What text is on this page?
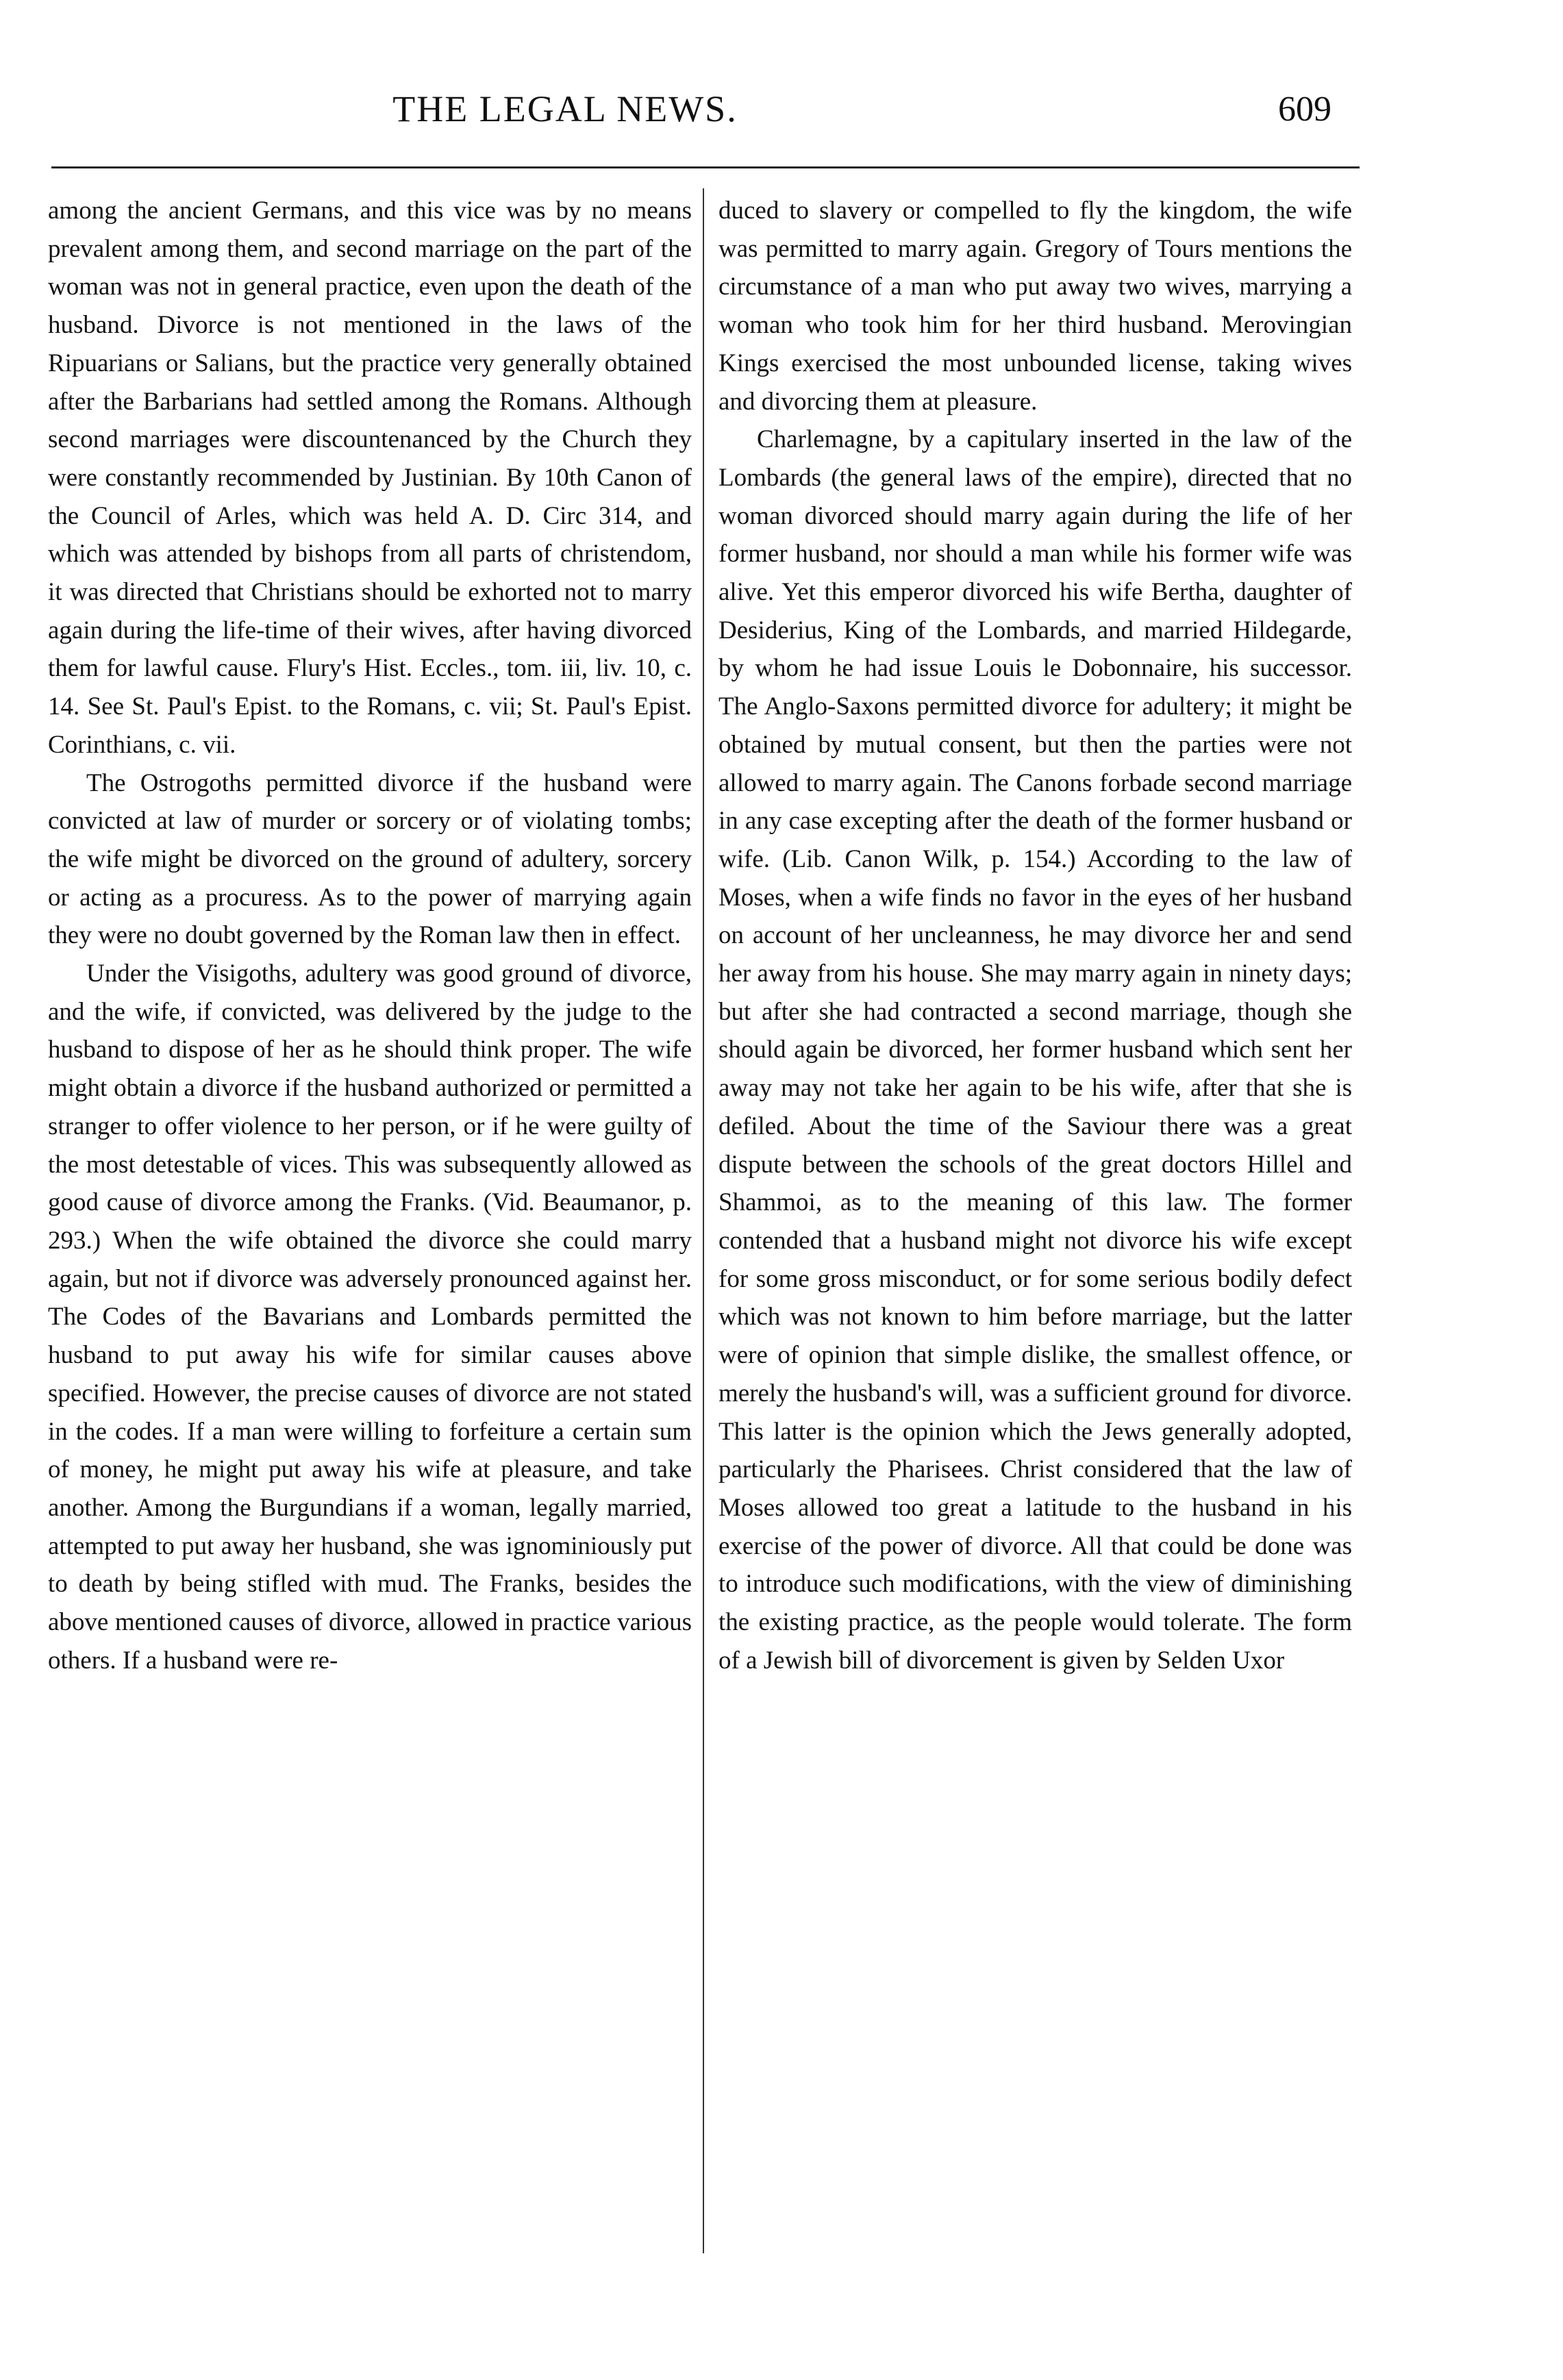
THE LEGAL NEWS.	609

among the ancient Germans, and this vice was by no means prevalent among them, and second marriage on the part of the woman was not in general practice, even upon the death of the husband. Divorce is not mentioned in the laws of the Ripuarians or Salians, but the practice very generally obtained after the Barbarians had settled among the Romans. Although second marriages were discountenanced by the Church they were constantly recommended by Justinian. By 10th Canon of the Council of Arles, which was held A. D. Circ 314, and which was attended by bishops from all parts of christendom, it was directed that Christians should be exhorted not to marry again during the life-time of their wives, after having divorced them for lawful cause. Flury's Hist. Eccles., tom. iii, liv. 10, c. 14. See St. Paul's Epist. to the Romans, c. vii; St. Paul's Epist. Corinthians, c. vii.

The Ostrogoths permitted divorce if the husband were convicted at law of murder or sorcery or of violating tombs; the wife might be divorced on the ground of adultery, sorcery or acting as a procuress. As to the power of marrying again they were no doubt governed by the Roman law then in effect.

Under the Visigoths, adultery was good ground of divorce, and the wife, if convicted, was delivered by the judge to the husband to dispose of her as he should think proper. The wife might obtain a divorce if the husband authorized or permitted a stranger to offer violence to her person, or if he were guilty of the most detestable of vices. This was subsequently allowed as good cause of divorce among the Franks. (Vid. Beaumanor, p. 293.) When the wife obtained the divorce she could marry again, but not if divorce was adversely pronounced against her. The Codes of the Bavarians and Lombards permitted the husband to put away his wife for similar causes above specified. However, the precise causes of divorce are not stated in the codes. If a man were willing to forfeiture a certain sum of money, he might put away his wife at pleasure, and take another. Among the Burgundians if a woman, legally married, attempted to put away her husband, she was ignominiously put to death by being stifled with mud. The Franks, besides the above mentioned causes of divorce, allowed in practice various others. If a husband were re-

duced to slavery or compelled to fly the kingdom, the wife was permitted to marry again. Gregory of Tours mentions the circumstance of a man who put away two wives, marrying a woman who took him for her third husband. Merovingian Kings exercised the most unbounded license, taking wives and divorcing them at pleasure.

Charlemagne, by a capitulary inserted in the law of the Lombards (the general laws of the empire), directed that no woman divorced should marry again during the life of her former husband, nor should a man while his former wife was alive. Yet this emperor divorced his wife Bertha, daughter of Desiderius, King of the Lombards, and married Hildegarde, by whom he had issue Louis le Dobonnaire, his successor. The Anglo-Saxons permitted divorce for adultery; it might be obtained by mutual consent, but then the parties were not allowed to marry again. The Canons forbade second marriage in any case excepting after the death of the former husband or wife. (Lib. Canon Wilk, p. 154.) According to the law of Moses, when a wife finds no favor in the eyes of her husband on account of her uncleanness, he may divorce her and send her away from his house. She may marry again in ninety days; but after she had contracted a second marriage, though she should again be divorced, her former husband which sent her away may not take her again to be his wife, after that she is defiled. About the time of the Saviour there was a great dispute between the schools of the great doctors Hillel and Shammoi, as to the meaning of this law. The former contended that a husband might not divorce his wife except for some gross misconduct, or for some serious bodily defect which was not known to him before marriage, but the latter were of opinion that simple dislike, the smallest offence, or merely the husband's will, was a sufficient ground for divorce. This latter is the opinion which the Jews generally adopted, particularly the Pharisees. Christ considered that the law of Moses allowed too great a latitude to the husband in his exercise of the power of divorce. All that could be done was to introduce such modifications, with the view of diminishing the existing practice, as the people would tolerate. The form of a Jewish bill of divorcement is given by Selden Uxor
